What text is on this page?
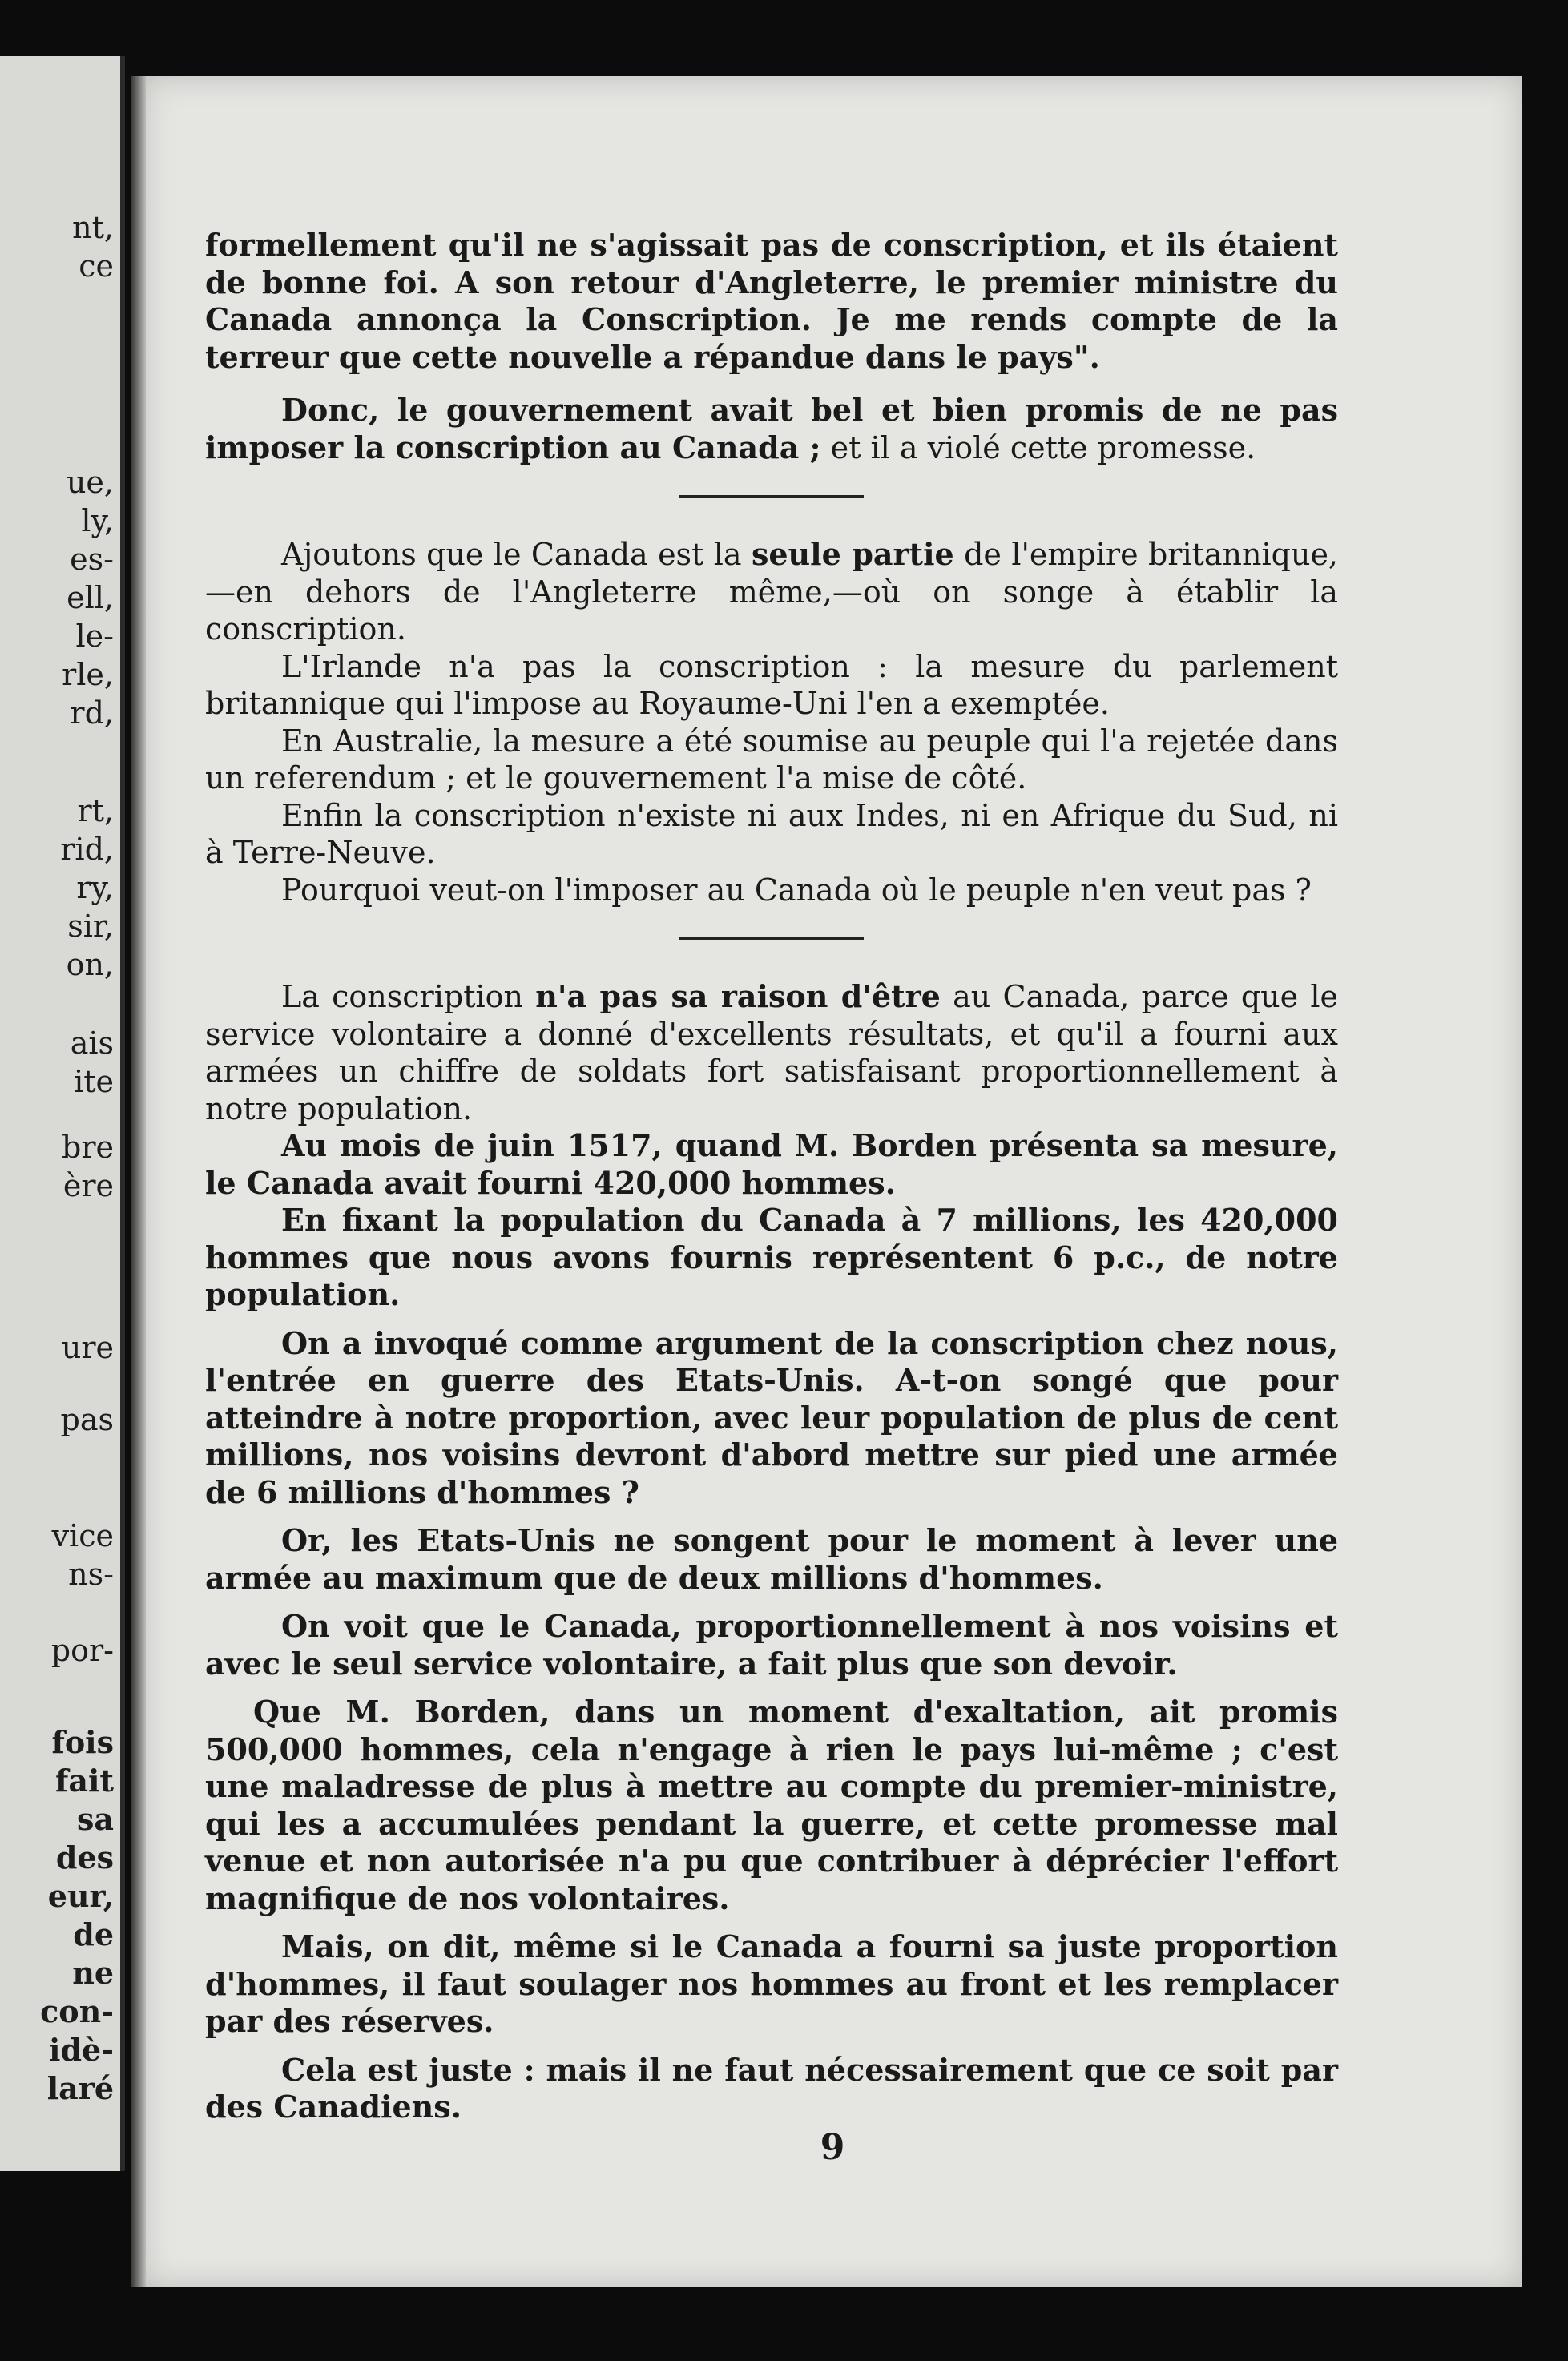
nt,
ce
ue,
ly,
es-
ell,
le-
rle,
rd,
rt,
rid,
ry,
sir,
on,
ais
ite
bre
ère
ure
pas
vice
ns-
por-
fois
fait
sa
des
eur,
de
ne
con-
idè-
laré

formellement qu'il ne s'agissait pas de conscription, et ils étaient de bonne foi. A son retour d'Angleterre, le premier ministre du Canada annonça la Conscription. Je me rends compte de la terreur que cette nouvelle a répandue dans le pays".

Donc, le gouvernement avait bel et bien promis de ne pas imposer la conscription au Canada ; et il a violé cette promesse.

Ajoutons que le Canada est la seule partie de l'empire britannique,—en dehors de l'Angleterre même,—où on songe à établir la conscription.

L'Irlande n'a pas la conscription : la mesure du parlement britannique qui l'impose au Royaume-Uni l'en a exemptée.

En Australie, la mesure a été soumise au peuple qui l'a rejetée dans un referendum ; et le gouvernement l'a mise de côté.

Enfin la conscription n'existe ni aux Indes, ni en Afrique du Sud, ni à Terre-Neuve.

Pourquoi veut-on l'imposer au Canada où le peuple n'en veut pas ?

La conscription n'a pas sa raison d'être au Canada, parce que le service volontaire a donné d'excellents résultats, et qu'il a fourni aux armées un chiffre de soldats fort satisfaisant proportionnellement à notre population.

Au mois de juin 1517, quand M. Borden présenta sa mesure, le Canada avait fourni 420,000 hommes.

En fixant la population du Canada à 7 millions, les 420,000 hommes que nous avons fournis représentent 6 p.c., de notre population.

On a invoqué comme argument de la conscription chez nous, l'entrée en guerre des Etats-Unis. A-t-on songé que pour atteindre à notre proportion, avec leur population de plus de cent millions, nos voisins devront d'abord mettre sur pied une armée de 6 millions d'hommes ?

Or, les Etats-Unis ne songent pour le moment à lever une armée au maximum que de deux millions d'hommes.

On voit que le Canada, proportionnellement à nos voisins et avec le seul service volontaire, a fait plus que son devoir.

Que M. Borden, dans un moment d'exaltation, ait promis 500,000 hommes, cela n'engage à rien le pays lui-même ; c'est une maladresse de plus à mettre au compte du premier-ministre, qui les a accumulées pendant la guerre, et cette promesse mal venue et non autorisée n'a pu que contribuer à déprécier l'effort magnifique de nos volontaires.

Mais, on dit, même si le Canada a fourni sa juste proportion d'hommes, il faut soulager nos hommes au front et les remplacer par des réserves.

Cela est juste : mais il ne faut nécessairement que ce soit par des Canadiens.

9
